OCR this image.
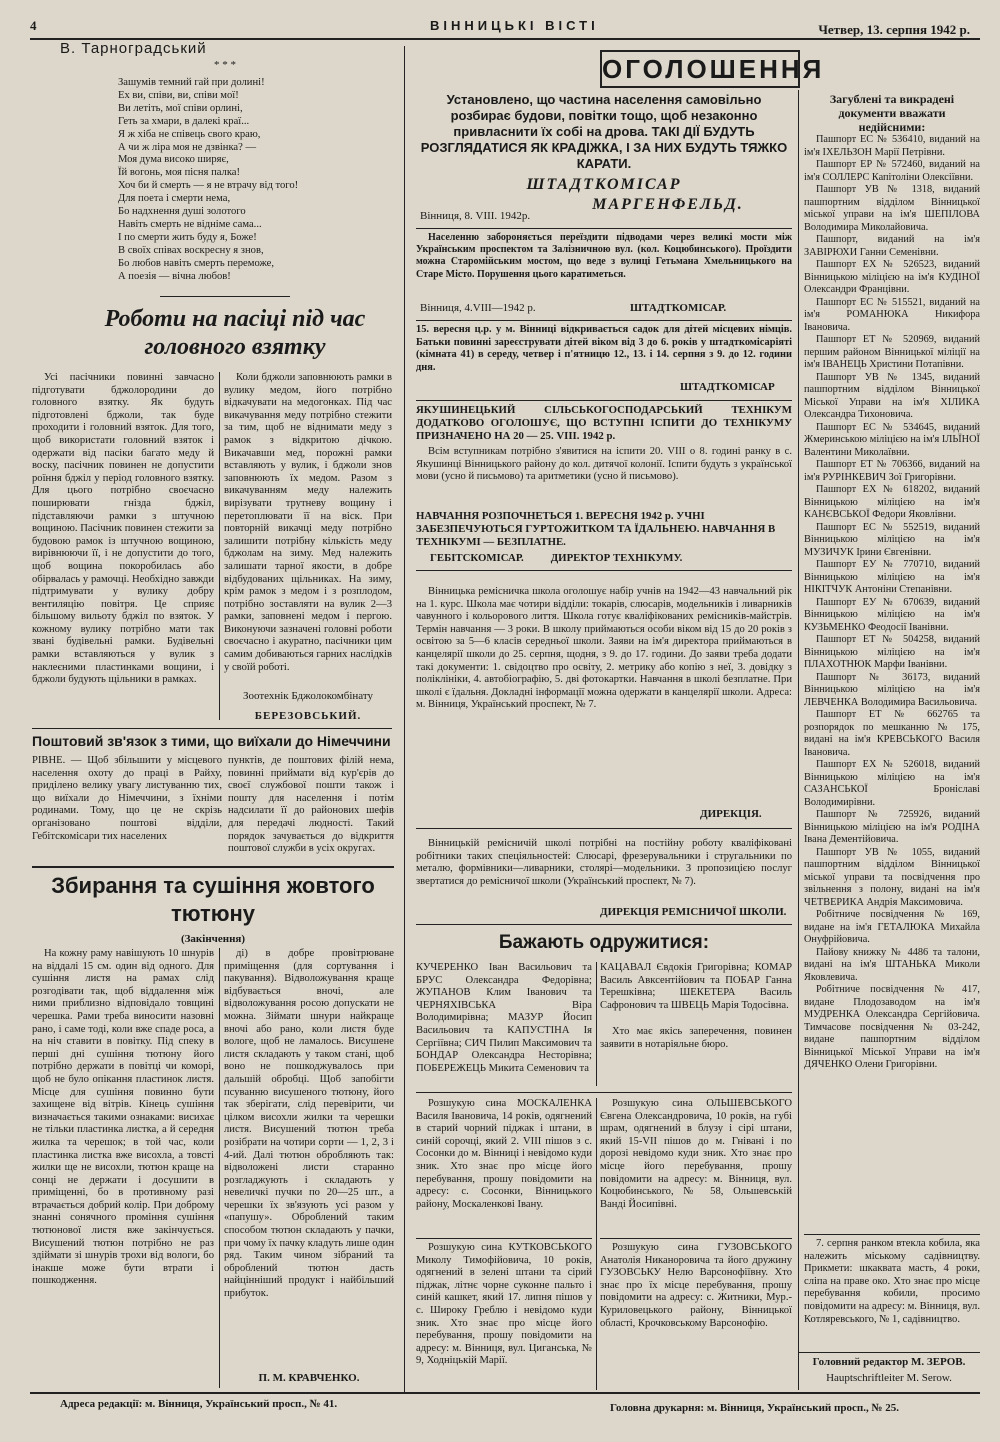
4	ВІННИЦЬКІ ВІСТІ	Четвер, 13. серпня 1942 р.
В. Тарноградський
* * *
Зашумів темний гай при долині!
Ех ви, співи, ви, співи мої!
Ви летіть, мої співи орлині,
Геть за хмари, в далекі краї...
Я ж хіба не співець свого краю,
А чи ж ліра моя не дзвінка? —
Моя дума високо ширяє,
Їй вогонь, моя пісня палка!
Хоч би й смерть — я не втрачу від того!
Для поета і смерти нема,
Бо надхнення душі золотого
Навіть смерть не відніме сама...
І по смерти жить буду я, Боже!
В своїх співах воскресну я знов,
Бо любов навіть смерть переможе,
А поезія — вічна любов!
Роботи на пасіці під час головного взятку
Усі пасічники повинні завчасно підготувати бджолородини до головного взятку. Як будуть підготовлені бджоли, так буде проходити і головний взяток. Для того, щоб використати головний взяток і одержати від пасіки багато меду й воску, пасічник повинен не допустити роїння бджіл у період головного взятку. Для цього потрібно своєчасно поширювати гнізда бджіл, підставляючи рамки з штучною вощиною. Пасічник повинен стежити за будовою рамок із штучною вощиною, вирівнюючи її, і не допустити до того, щоб вощина покоробилась або обірвалась у рамочці. Необхідно завжди підтримувати у вулику добру вентиляцію повітря. Це сприяє більшому вильоту бджіл по взяток. У кожному вулику потрібно мати так звані будівельні рамки. Будівельні рамки вставляються у вулик з наклеєними пластинками вощини, і бджоли будують щільники в рамках.
Коли бджоли заповнюють рамки в вулику медом, його потрібно відкачувати на медогонках. Під час викачування меду потрібно стежити за тим, щоб не віднимати меду з рамок з відкритою дічкою. Викачавши мед, порожні рамки вставляють у вулик, і бджоли знов заповнюють їх медом. Разом з викачуванням меду належить вирізувати трутневу вощину і перетоплювати її на віск. При повторній викачці меду потрібно залишити потрібну кількість меду бджолам на зиму. Мед належить залишати тарної якости, в добре відбудованих щільниках. На зиму, крім рамок з медом і з розплодом, потрібно зоставляти на вулик 2—3 рамки, заповнені медом і пергою. Виконуючи зазначені головні роботи своєчасно і акуратно, пасічники цим самим добиваються гарних наслідків у своїй роботі.
Зоотехнік Бджолокомбінату
БЕРЕЗОВСЬКИЙ.
Поштовий зв'язок з тими, що виїхали до Німеччини
РІВНЕ. — Щоб збільшити у місцевого населення охоту до праці в Райху, приділено велику увагу листуванню тих, що виїхали до Німеччини, з їхніми родинами. Тому, що це не скрізь організовано поштові відділи, Гебітскомісари тих населених
пунктів, де поштових філій нема, повинні приймати від кур'єрів до своєї службової пошти також і пошту для населення і потім надсилати її до районових шефів для передачі людності. Такий порядок зачувається до відкриття поштової служби в усіх округах.
Збирання та сушіння жовтого тютюну
(Закінчення)
На кожну раму навішують 10 шнурів на віддалі 15 см. один від одного. Для сушіння листя на рамах слід розгодівати так, щоб віддалення між ними приблизно відповідало товщині черешка. Рами треба виносити назовні рано, і саме тоді, коли вже спаде роса, а на ніч ставити в повітку. Під спеку в перші дні сушіння тютюну його потрібно держати в повітці чи коморі, щоб не було опікання пластинок листя. Місце для сушіння повинно бути захищене від вітрів. Кінець сушіння визначається такими ознаками: висихає не тільки пластинка листка, а й середня жилка та черешок; в той час, коли пластинка листка вже висохла, а товсті жилки ще не висохли, тютюн краще на сонці не держати і досушити в приміщенні, бо в противному разі втрачається добрий колір. При доброму знанні сонячного проміння сушіння тютюнової листя вже закінчується. Висушений тютюн потрібно не раз здіймати зі шнурів трохи від вологи, бо інакше може бути втрати і пошкодження.
ді) в добре провітрюване приміщення (для сортування і пакування). Відволожування краще відбувається вночі, але відволожування росою допускати не можна. Зіймати шнури найкраще вночі або рано, коли листя буде вологе, щоб не ламалось. Висушене листя складають у таком стані, щоб воно не пошкоджувалось при дальшій обробці. Щоб запобігти псуванню висушеного тютюну, його так зберігати, слід перевірити, чи цілком висохли жилки та черешки листя. Висушений тютюн треба розібрати на чотири сорти — 1, 2, 3 і 4-ий. Далі тютюн обробляють так: відволожені листи старанно розгладжують і складають у невеличкі пучки по 20—25 шт., а черешки їх зв'язують усі разом у «папушу». Оброблений таким способом тютюн складають у пачки, при чому їх пачку кладуть лише один ряд. Таким чином зібраний та оброблений тютюн дасть найцінніший продукт і найбільший прибуток.
П. М. КРАВЧЕНКО.
ОГОЛОШЕННЯ
Установлено, що частина населення самовільно розбирає будови, повітки тощо, щоб незаконно привласнити їх собі на дрова. ТАКІ ДІЇ БУДУТЬ РОЗГЛЯДАТИСЯ ЯК КРАДІЖКА, І ЗА НИХ БУДУТЬ ТЯЖКО КАРАТИ.
ШТАДТКОМІСАР
МАРГЕНФЕЛЬД.
Вінниця, 8. VIII. 1942р.
Населенню забороняється переїздити підводами через великі мости між Українським проспектом та Залізничною вул. (кол. Коцюбинського). Проїздити можна Старомійським мостом, що веде з вулиці Гетьмана Хмельницького на Старе Місто. Порушення цього каратиметься.
Вінниця, 4.VIII—1942 р.	ШТАДТКОМІСАР.
15. вересня ц.р. у м. Вінниці відкривається садок для дітей місцевих німців. Батьки повинні зареєструвати дітей віком від 3 до 6. років у штадткомісаріяті (кімната 41) в середу, четвер і п'ятницю 12., 13. і 14. серпня з 9. до 12. години дня.
ШТАДТКОМІСАР
ЯКУШИНЕЦЬКИЙ СІЛЬСЬКОГОСПОДАРСЬКИЙ ТЕХНІКУМ ДОДАТКОВО ОГОЛОШУЄ, ЩО ВСТУПНІ ІСПИТИ ДО ТЕХНІКУМУ ПРИЗНАЧЕНО НА 20 — 25. VIII. 1942 р.
Всім вступникам потрібно з'явитися на іспити 20. VIII о 8. годині ранку в с. Якушинці Вінницького району до кол. дитячої колонії. Іспити будуть з української мови (усно й письмово) та аритметики (усно й письмово).
НАВЧАННЯ РОЗПОЧНЕТЬСЯ 1. ВЕРЕСНЯ 1942 р. УЧНІ ЗАБЕЗПЕЧУЮТЬСЯ ГУРТОЖИТКОМ ТА ЇДАЛЬНЕЮ. НАВЧАННЯ В ТЕХНІКУМІ — БЕЗПЛАТНЕ.
ГЕБІТСКОМІСАР.          ДИРЕКТОР ТЕХНІКУМУ.
Вінницька ремісничка школа оголошує набір учнів на 1942—43 навчальний рік на 1. курс. Школа має чотири відділи: токарів, слюсарів, модельників і ливарників чавунного і кольорового лиття. Школа готує кваліфікованих ремісників-майстрів. Термін навчання — 3 роки. В школу приймаються особи віком від 15 до 20 років з освітою за 5—6 класів середньої школи. Заяви на ім'я директора приймаються в канцелярії школи до 25. серпня, щодня, з 9. до 17. години. До заяви треба додати такі документи: 1. свідоцтво про освіту, 2. метрику або копію з неї, 3. довідку з поліклініки, 4. автобіографію, 5. дві фотокартки. Навчання в школі безплатне. При школі є їдальня. Докладні інформації можна одержати в канцелярії школи. Адреса: м. Вінниця, Український проспект, № 7.
ДИРЕКЦІЯ.
Вінницькій ремісничій школі потрібні на постійну роботу кваліфіковані робітники таких спеціяльностей: Слюсарі, фрезерувальники і стругальники по металю, формівники—ливарники, столярі—модельники. З пропозицією послуг звертатися до ремісничої школи (Український проспект, № 7).
ДИРЕКЦІЯ РЕМІСНИЧОЇ ШКОЛИ.
Бажають одружитися:
КУЧЕРЕНКО Іван Васильович та БРУС Олександра Федорівна; ЖУПАНОВ Клим Іванович та ЧЕРНЯХІВСЬКА Віра Володимирівна; МАЗУР Йосип Васильович та КАПУСТІНА Ія Сергіївна; СИЧ Пилип Максимович та БОНДАР Олександра Несторівна; ПОБЕРЕЖЕЦЬ Микита Семенович та
КАЦАВАЛ Євдокія Григорівна; КОМАР Василь Авксентійович та ПОБАР Ганна Терешківна; ШЕКЕТЕРА Василь Сафронович та ШВЕЦЬ Марія Тодосівна.
Хто має якісь заперечення, повинен заявити в нотаріяльне бюро.
Розшукую сина МОСКАЛЕНКА Василя Івановича, 14 років, одягнений в старий чорний піджак і штани, в синій сорочці, який 2. VIII пішов з с. Сосонки до м. Вінниці і невідомо куди зник. Хто знає про місце його перебування, прошу повідомити на адресу: с. Сосонки, Вінницького району, Москаленкові Івану.
Розшукую сина ОЛЬШЕВСЬКОГО Євгена Олександровича, 10 років, на губі шрам, одягнений в блузу і сірі штани, який 15-VII пішов до м. Гнівані і по дорозі невідомо куди зник. Хто знає про місце його перебування, прошу повідомити на адресу: м. Вінниця, вул. Коцюбинського, № 58, Ольшевській Ванді Йосипівні.
Розшукую сина КУТКОВСЬКОГО Миколу Тимофійовича, 10 років, одягнений в зелені штани та сірий піджак, літнє чорне суконне пальто і синій кашкет, який 17. липня пішов у с. Широку Греблю і невідомо куди зник. Хто знає про місце його перебування, прошу повідомити на адресу: м. Вінниця, вул. Циганська, № 9, Ходніцькій Марії.
Розшукую сина ГУЗОВСЬКОГО Анатолія Никаноровича та його дружину ГУЗОВСЬКУ Нелю Варсонофіївну. Хто знає про їх місце перебування, прошу повідомити на адресу: с. Житники, Мур.-Куриловецького району, Вінницької області, Крочковському Варсонофію.
Загублені та викрадені документи вважати недійсними:

Пашпорт ЕС № 536410, виданий на ім'я ІХЕЛЬЗОН Марії Петрівни.

Пашпорт ЕР № 572460, виданий на ім'я СОЛЛЕРС Капітоліни Олексіївни.

Пашпорт УВ № 1318, виданий пашпортним відділом Вінницької міської управи на ім'я ШЕПІЛОВА Володимира Миколайовича.

Пашпорт, виданий на ім'я ЗАВІРЮХИ Ганни Семенівни.

Пашпорт ЕХ № 526523, виданий Вінницькою міліцією на ім'я КУДІНОЇ Олександри Францівни.

Пашпорт ЕС № 515521, виданий на ім'я РОМАНЮКА Никифора Івановича.

Пашпорт ЕТ № 520969, виданий першим районом Вінницької міліції на ім'я ІВАНЕЦЬ Христини Потапівни.

Пашпорт УВ № 1345, виданий пашпортним відділом Вінницької Міської Управи на ім'я ХІЛИКА Олександра Тихоновича.

Пашпорт ЕС № 534645, виданий Жмеринською міліцією на ім'я ІЛЬЇНОЇ Валентини Миколаївни.

Пашпорт ЕТ № 706366, виданий на ім'я РУРІНКЕВИЧ Зої Григорівни.

Пашпорт ЕХ № 618202, виданий Вінницькою міліцією на ім'я КАНЄВСЬКОЇ Федори Яковлівни.

Пашпорт ЕС № 552519, виданий Вінницькою міліцією на ім'я МУЗИЧУК Ірини Євгенівни.

Пашпорт ЕУ № 770710, виданий Вінницькою міліцією на ім'я НІКІТЧУК Антоніни Степанівни.

Пашпорт ЕУ № 670639, виданий Вінницькою міліцією на ім'я КУЗЬМЕНКО Феодосії Іванівни.

Пашпорт ЕТ № 504258, виданий Вінницькою міліцією на ім'я ПЛАХОТНЮК Марфи Іванівни.

Пашпорт № 36173, виданий Вінницькою міліцією на ім'я ЛЕВЧЕНКА Володимира Васильовича.

Пашпорт ЕТ № 662765 та розпорядок по мешканню № 175, видані на ім'я КРЕВСЬКОГО Василя Івановича.

Пашпорт ЕХ № 526018, виданий Вінницькою міліцією на ім'я САЗАНСЬКОЇ Броніславі Володимирівни.

Пашпорт № 725926, виданий Вінницькою міліцією на ім'я РОДІНА Івана Дементійовича.

Пашпорт УВ № 1055, виданий пашпортним відділом Вінницької міської управи та посвідчення про звільнення з полону, видані на ім'я ЧЕТВЕРИКА Андрія Максимовича.

Робітниче посвідчення № 169, видане на ім'я ГЕТАЛЮКА Михайла Онуфрійовича.

Пайову книжку № 4486 та талони, видані на ім'я ШТАНЬКА Миколи Яковлевича.

Робітниче посвідчення № 417, видане Плодозаводом на ім'я МУДРЕНКА Олександра Сергійовича. Тимчасове посвідчення № 03-242, видане пашпортним відділом Вінницької Міської Управи на ім'я ДЯЧЕНКО Олени Григорівни.

7. серпня ранком втекла кобила, яка належить міському садівництву. Прикмети: шкаквата масть, 4 роки, сліпа на праве око. Хто знає про місце перебування кобили, просимо повідомити на адресу: м. Вінниця, вул. Котляревського, № 1, садівництво.
Головний редактор М. ЗЕРОВ.
Hauptschriftleiter M. Serow.
Адреса редакції: м. Вінниця, Український просп., № 41.	Головна друкарня: м. Вінниця, Український просп., № 25.
